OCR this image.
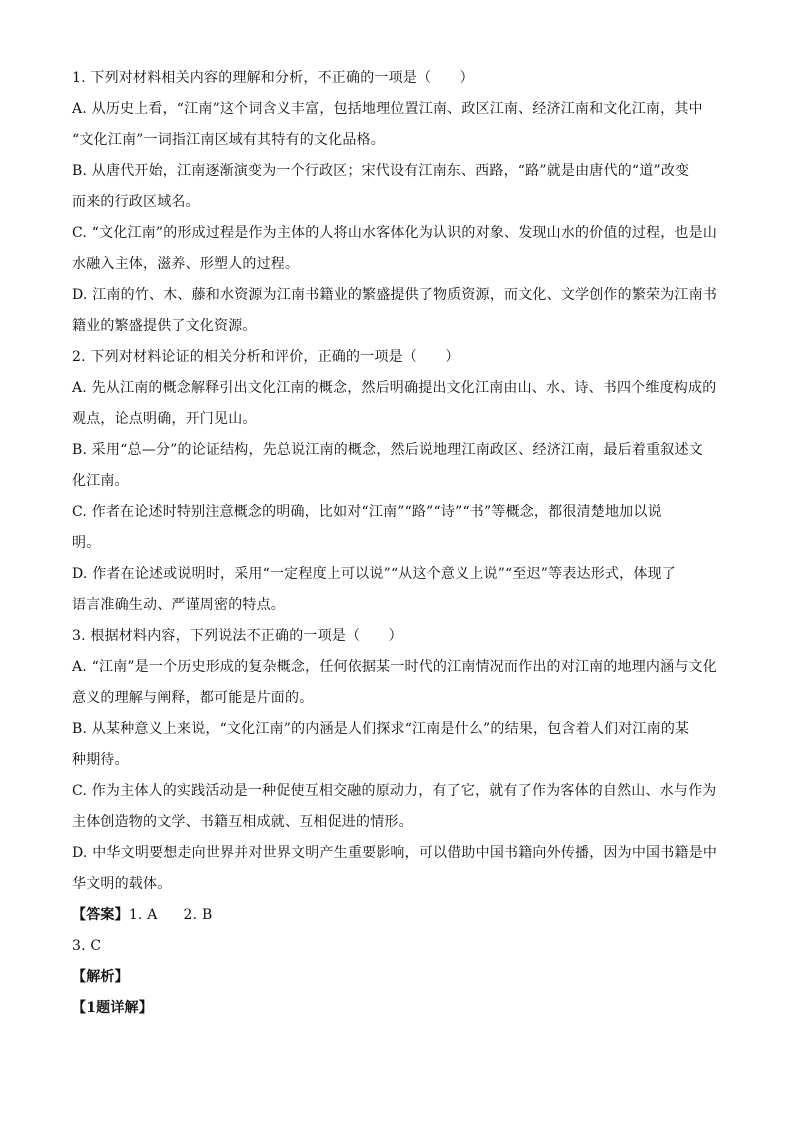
1. 下列对材料相关内容的理解和分析，不正确的一项是（　　）
A. 从历史上看，“江南”这个词含义丰富，包括地理位置江南、政区江南、经济江南和文化江南，其中
“文化江南”一词指江南区域有其特有的文化品格。
B. 从唐代开始，江南逐渐演变为一个行政区；宋代设有江南东、西路，“路”就是由唐代的“道”改变
而来的行政区域名。
C. “文化江南”的形成过程是作为主体的人将山水客体化为认识的对象、发现山水的价值的过程，也是山
水融入主体，滋养、形塑人的过程。
D. 江南的竹、木、藤和水资源为江南书籍业的繁盛提供了物质资源，而文化、文学创作的繁荣为江南书
籍业的繁盛提供了文化资源。
2. 下列对材料论证的相关分析和评价，正确的一项是（　　）
A. 先从江南的概念解释引出文化江南的概念，然后明确提出文化江南由山、水、诗、书四个维度构成的
观点，论点明确，开门见山。
B. 采用“总—分”的论证结构，先总说江南的概念，然后说地理江南政区、经济江南，最后着重叙述文
化江南。
C. 作者在论述时特别注意概念的明确，比如对“江南”“路”“诗”“书”等概念，都很清楚地加以说
明。
D. 作者在论述或说明时，采用“一定程度上可以说”“从这个意义上说”“至迟”等表达形式，体现了
语言准确生动、严谨周密的特点。
3. 根据材料内容，下列说法不正确的一项是（　　）
A. “江南”是一个历史形成的复杂概念，任何依据某一时代的江南情况而作出的对江南的地理内涵与文化
意义的理解与阐释，都可能是片面的。
B. 从某种意义上来说，“文化江南”的内涵是人们探求“江南是什么”的结果，包含着人们对江南的某
种期待。
C. 作为主体人的实践活动是一种促使互相交融的原动力，有了它，就有了作为客体的自然山、水与作为
主体创造物的文学、书籍互相成就、互相促进的情形。
D. 中华文明要想走向世界并对世界文明产生重要影响，可以借助中国书籍向外传播，因为中国书籍是中
华文明的载体。
【答案】1. A 2. B
3. C
【解析】
【1题详解】
